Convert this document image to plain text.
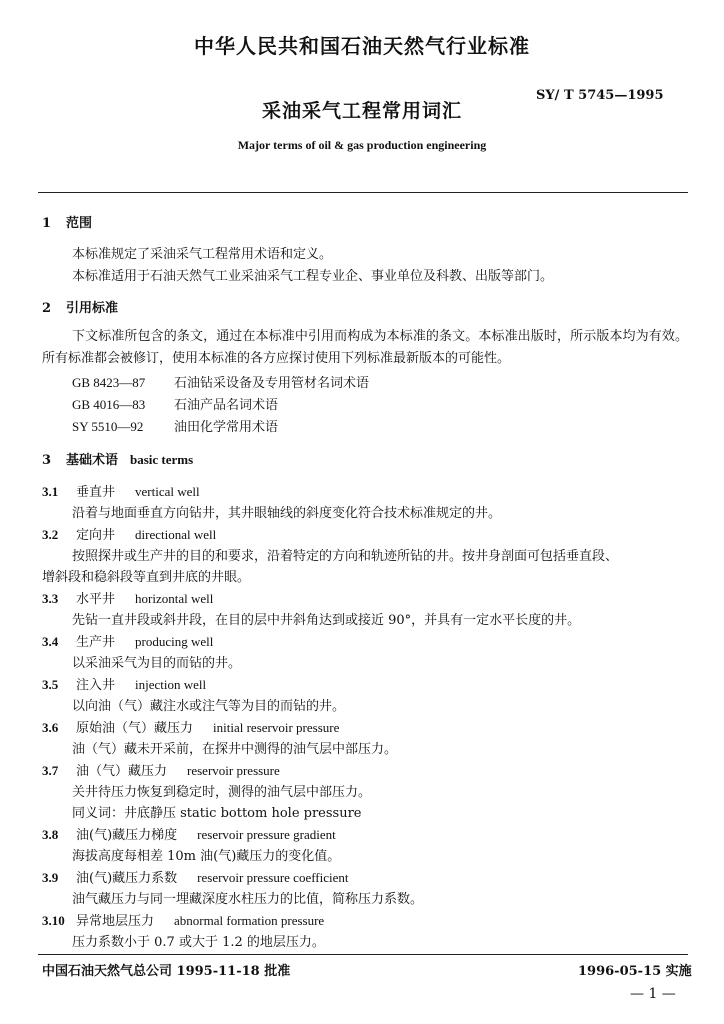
中华人民共和国石油天然气行业标准
采油采气工程常用词汇
SY/ T 5745—1995
Major terms of oil & gas production engineering
1 范围
本标准规定了采油采气工程常用术语和定义。
本标准适用于石油天然气工业采油采气工程专业企、事业单位及科教、出版等部门。
2 引用标准
下文标准所包含的条文，通过在本标准中引用而构成为本标准的条文。本标准出版时，所示版本均为有效。所有标准都会被修订，使用本标准的各方应探讨使用下列标准最新版本的可能性。
GB 8423—87 石油钻采设备及专用管材名词术语
GB 4016—83 石油产品名词术语
SY 5510—92 油田化学常用术语
3 基础术语 basic terms
3.1 垂直井 vertical well
沿着与地面垂直方向钻井，其井眼轴线的斜度变化符合技术标准规定的井。
3.2 定向井 directional well
按照探井或生产井的目的和要求，沿着特定的方向和轨迹所钻的井。按井身剖面可包括垂直段、
增斜段和稳斜段等直到井底的井眼。
3.3 水平井 horizontal well
先钻一直井段或斜井段，在目的层中井斜角达到或接近 90°，并具有一定水平长度的井。
3.4 生产井 producing well
以采油采气为目的而钻的井。
3.5 注入井 injection well
以向油（气）藏注水或注气等为目的而钻的井。
3.6 原始油（气）藏压力 initial reservoir pressure
油（气）藏未开采前，在探井中测得的油气层中部压力。
3.7 油（气）藏压力 reservoir pressure
关井待压力恢复到稳定时，测得的油气层中部压力。
同义词：井底静压 static bottom hole pressure
3.8 油(气)藏压力梯度 reservoir pressure gradient
海拔高度每相差 10m 油(气)藏压力的变化值。
3.9 油(气)藏压力系数 reservoir pressure coefficient
油气藏压力与同一埋藏深度水柱压力的比值，简称压力系数。
3.10 异常地层压力 abnormal formation pressure
压力系数小于 0.7 或大于 1.2 的地层压力。
中国石油天然气总公司 1995-11-18 批准	1996-05-15 实施
— 1 —
